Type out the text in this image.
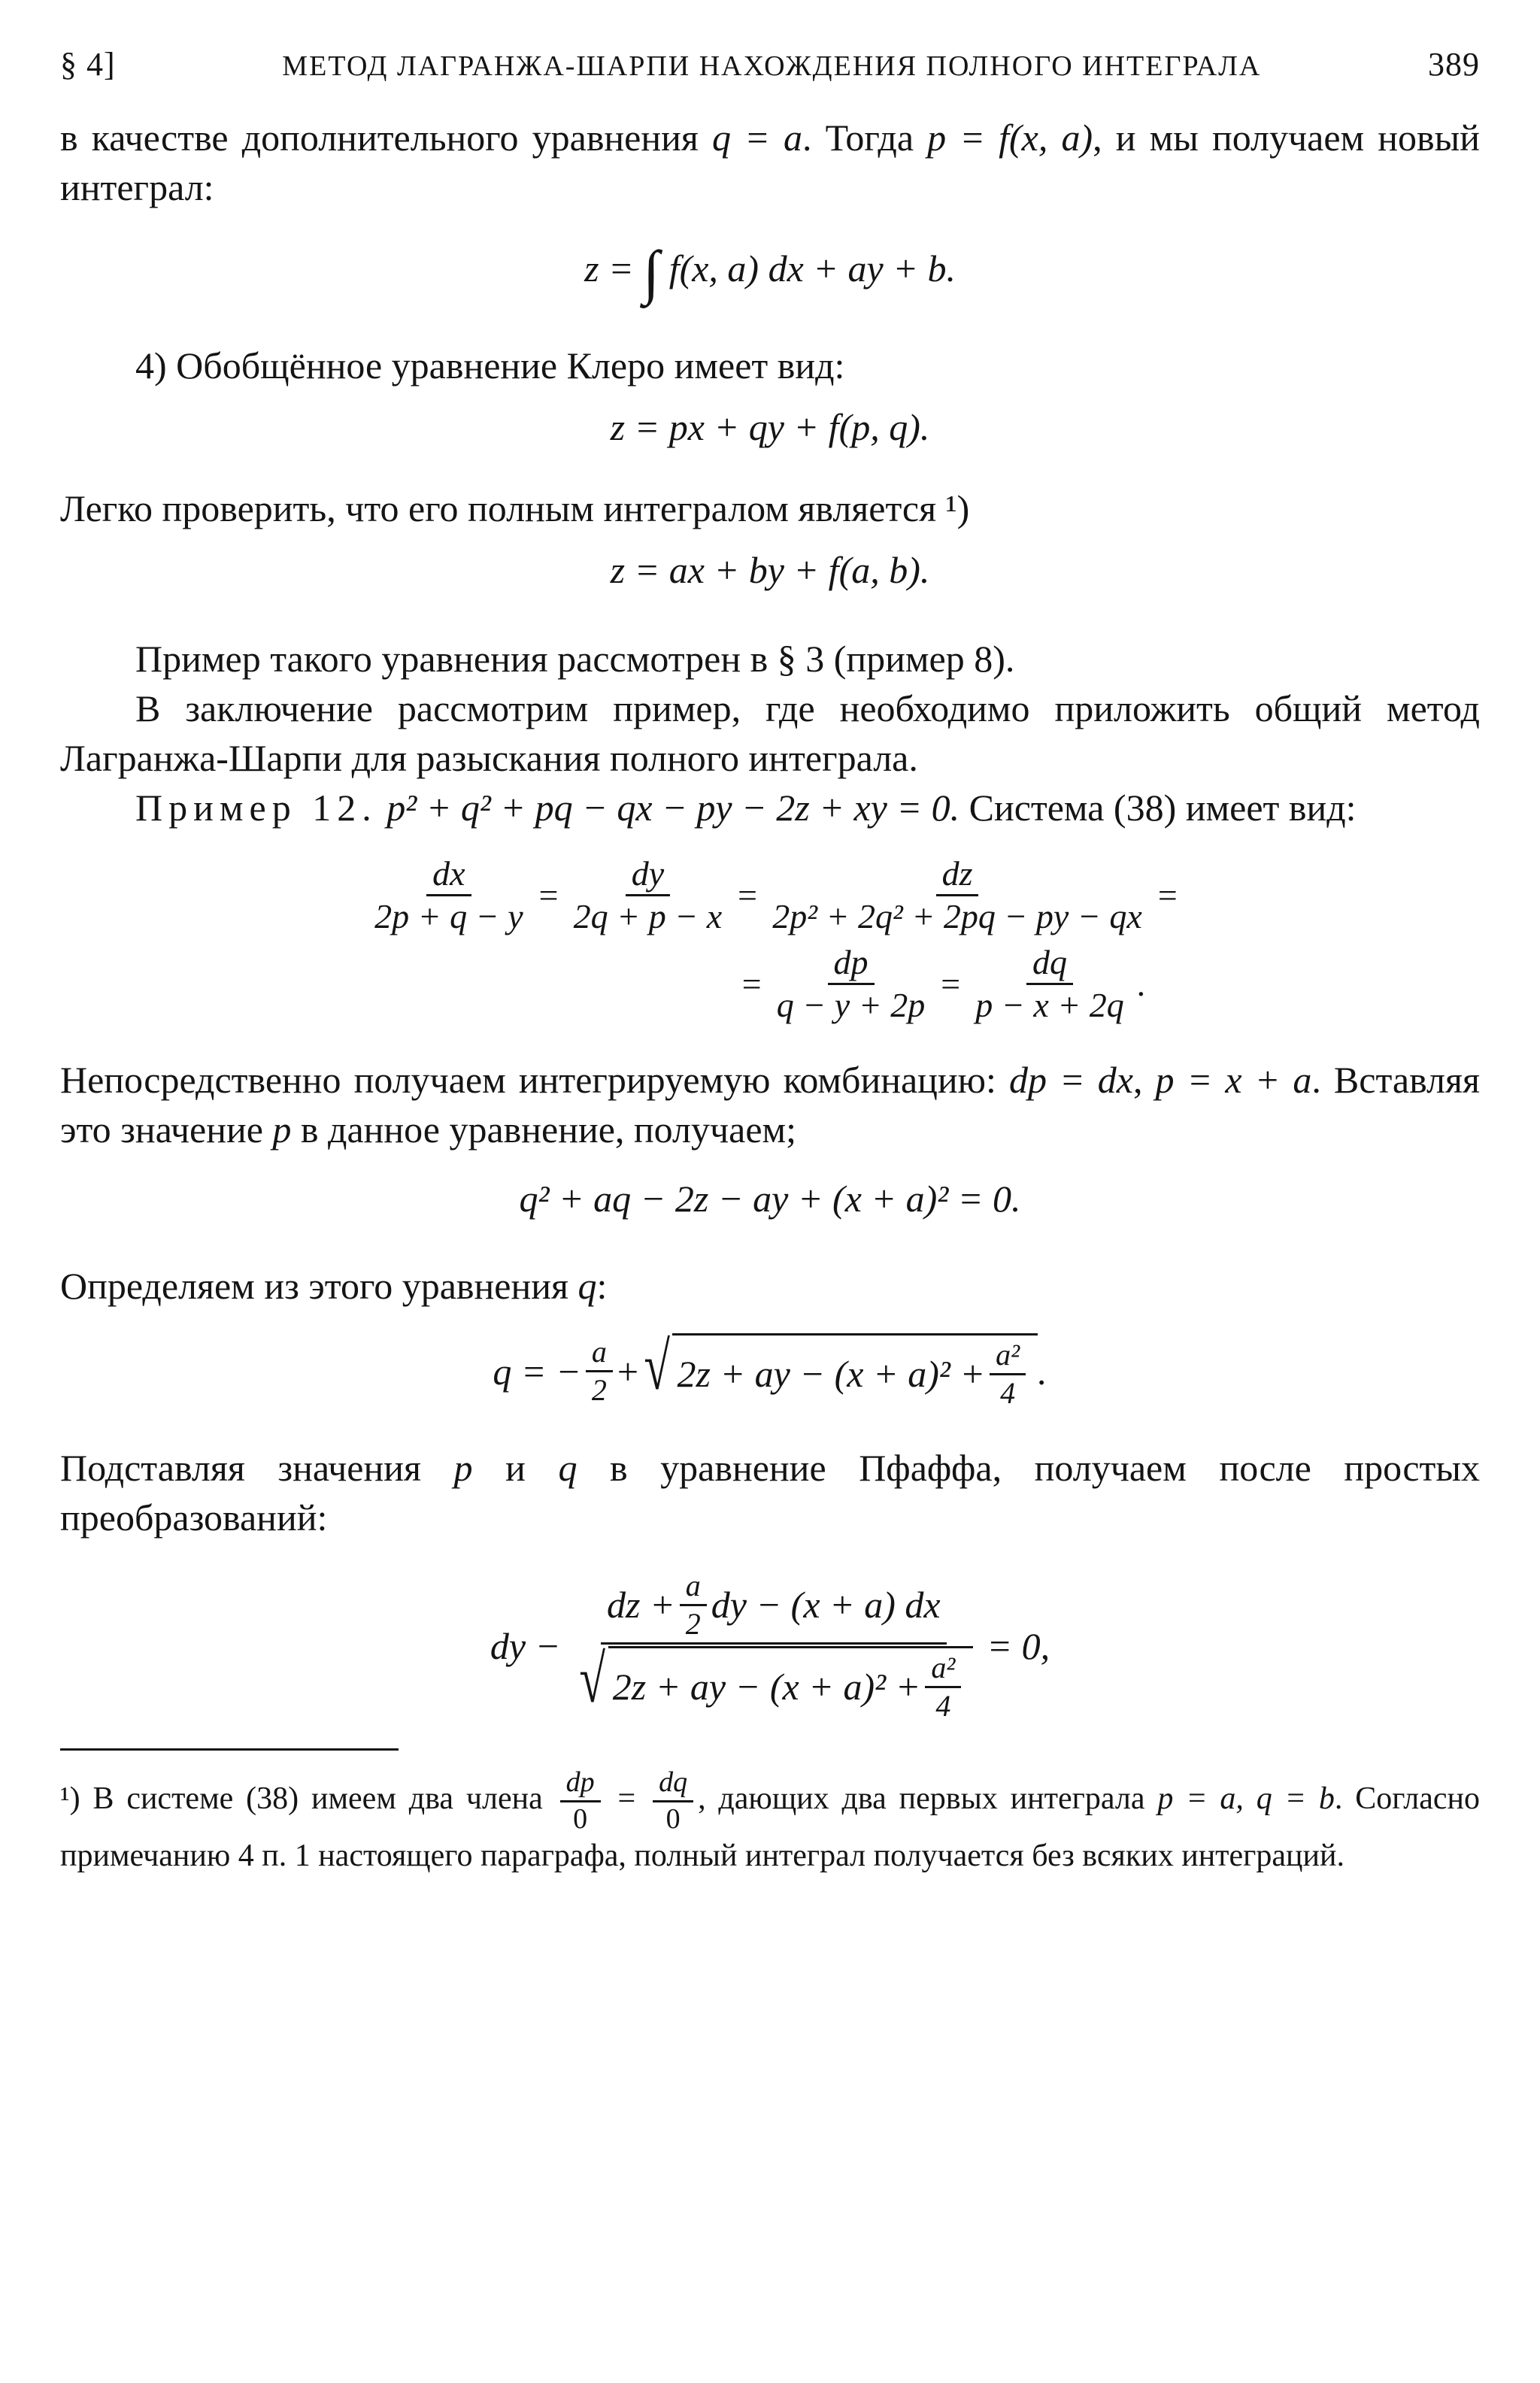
§ 4]	МЕТОД ЛАГРАНЖА-ШАРПИ НАХОЖДЕНИЯ ПОЛНОГО ИНТЕГРАЛА	389

в качестве дополнительного уравнения q = a. Тогда p = f(x, a), и мы получаем новый интеграл:

z = ∫ f(x, a) dx + ay + b.

4) Обобщённое уравнение Клеро имеет вид:

z = px + qy + f(p, q).

Легко проверить, что его полным интегралом является ¹)

z = ax + by + f(a, b).

Пример такого уравнения рассмотрен в § 3 (пример 8).

В заключение рассмотрим пример, где необходимо приложить общий метод Лагранжа-Шарпи для разыскания полного интеграла.

Пример 12. p² + q² + pq − qx − py − 2z + xy = 0. Система (38) имеет вид:

$\frac{dx}{2p + q - y} = \frac{dy}{2q + p - x} = \frac{dz}{\text{2p² + 2q² + 2pq − py − qx}}$ =
= $\frac{dp}{q - y + 2p} = \frac{dq}{p - x + 2q}$ .

Непосредственно получаем интегрируемую комбинацию: dp = dx, p = x + a. Вставляя это значение p в данное уравнение, получаем;

q² + aq − 2z − ay + (x + a)² = 0.

Определяем из этого уравнения q:

q = − $\frac{a}{2}$ + √ 2z + ay − $(x + a)^2 + \frac{\text{a²}}{4}$ .

Подставляя значения p и q в уравнение Пфаффа, получаем после простых преобразований:

dy −
dz + $\frac{a}{2}$ dy − (x + a) dx
√ 2z + ay − $(x + a)^2 + \frac{\text{a²}}{4}$
= 0,

¹) В системе (38) имеем два члена $\frac{dp}{0} = \frac{dq}{0}$ , дающих два первых интеграла p = a, q = b. Согласно примечанию 4 п. 1 настоящего параграфа, полный интеграл получается без всяких интеграций.
